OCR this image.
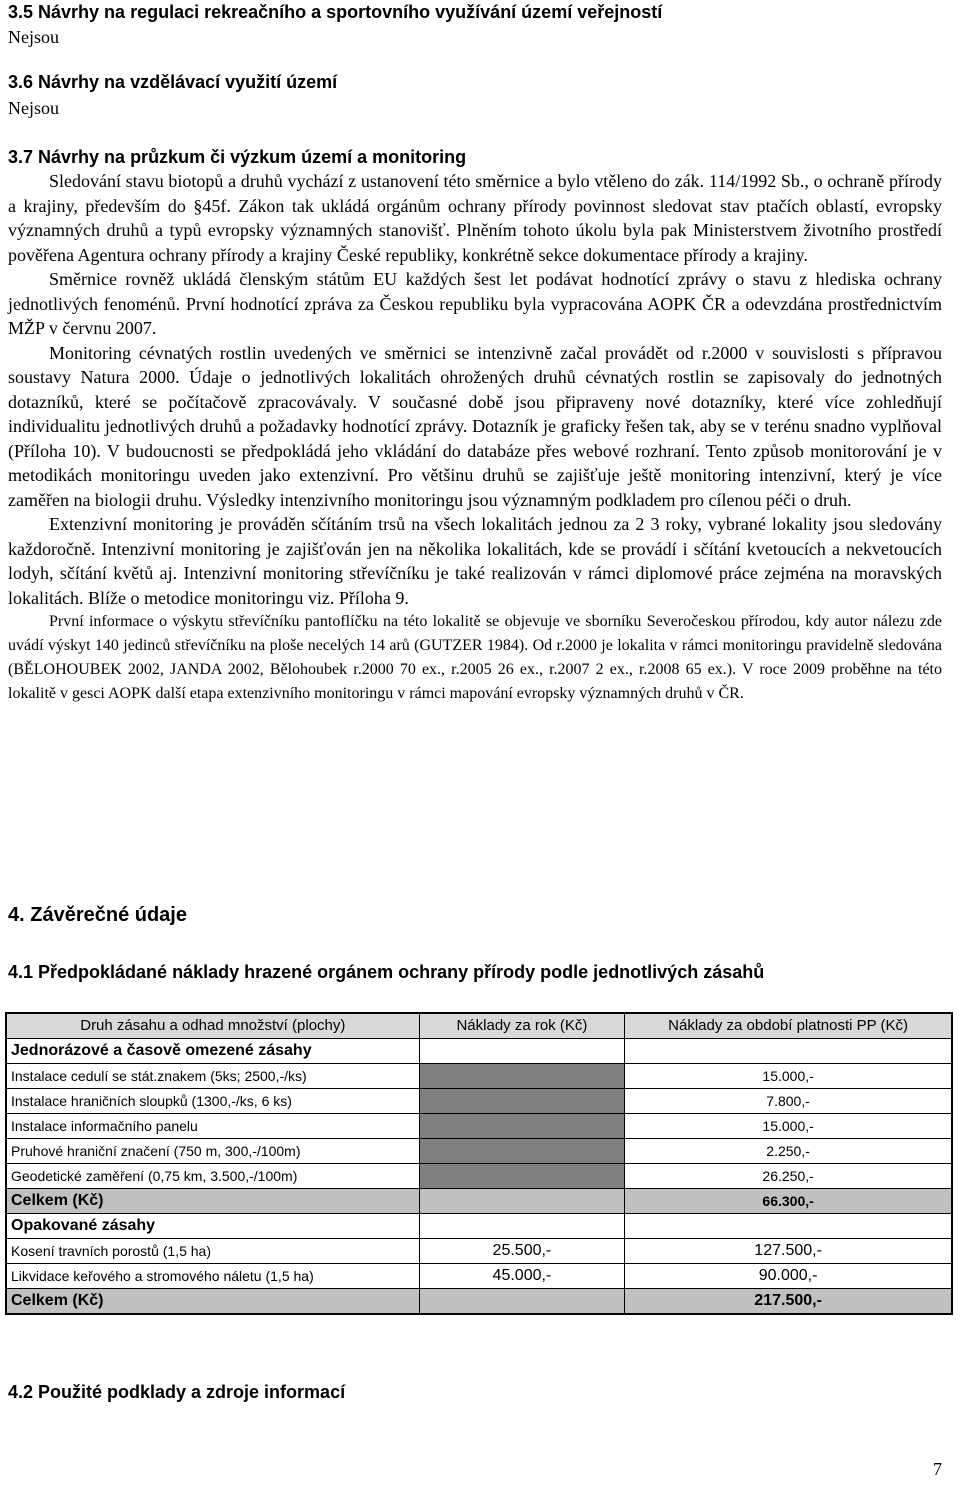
3.5 Návrhy na regulaci rekreačního a sportovního využívání území veřejností
Nejsou
3.6 Návrhy na vzdělávací využití území
Nejsou
3.7 Návrhy na průzkum či výzkum území a monitoring

Sledování stavu biotopů a druhů vychází z ustanovení této směrnice a bylo vtěleno do zák. 114/1992 Sb., o ochraně přírody a krajiny, především do §45f. Zákon tak ukládá orgánům ochrany přírody povinnost sledovat stav ptačích oblastí, evropsky významných druhů a typů evropsky významných stanovišť. Plněním tohoto úkolu byla pak Ministerstvem životního prostředí pověřena Agentura ochrany přírody a krajiny České republiky, konkrétně sekce dokumentace přírody a krajiny.

Směrnice rovněž ukládá členským státům EU každých šest let podávat hodnotící zprávy o stavu z hlediska ochrany jednotlivých fenoménů. První hodnotící zpráva za Českou republiku byla vypracována AOPK ČR a odevzdána prostřednictvím MŽP v červnu 2007.

Monitoring cévnatých rostlin uvedených ve směrnici se intenzivně začal provádět od r.2000 v souvislosti s přípravou soustavy Natura 2000. Údaje o jednotlivých lokalitách ohrožených druhů cévnatých rostlin se zapisovaly do jednotných dotazníků, které se počítačově zpracovávaly. V současné době jsou připraveny nové dotazníky, které více zohledňují individualitu jednotlivých druhů a požadavky hodnotící zprávy. Dotazník je graficky řešen tak, aby se v terénu snadno vyplňoval (Příloha 10). V budoucnosti se předpokládá jeho vkládání do databáze přes webové rozhraní. Tento způsob monitorování je v metodikách monitoringu uveden jako extenzivní. Pro většinu druhů se zajišťuje ještě monitoring intenzivní, který je více zaměřen na biologii druhu. Výsledky intenzivního monitoringu jsou významným podkladem pro cílenou péči o druh.

Extenzivní monitoring je prováděn sčítáním trsů na všech lokalitách jednou za 2 3 roky, vybrané lokality jsou sledovány každoročně. Intenzivní monitoring je zajišťován jen na několika lokalitách, kde se provádí i sčítání kvetoucích a nekvetoucích lodyh, sčítání květů aj. Intenzivní monitoring střevíčníku je také realizován v rámci diplomové práce zejména na moravských lokalitách. Blíže o metodice monitoringu viz. Příloha 9.

První informace o výskytu střevíčníku pantoflíčku na této lokalitě se objevuje ve sborníku Severočeskou přírodou, kdy autor nálezu zde uvádí výskyt 140 jedinců střevíčníku na ploše necelých 14 arů (GUTZER 1984). Od r.2000 je lokalita v rámci monitoringu pravidelně sledována (BĚLOHOUBEK 2002, JANDA 2002, Bělohoubek r.2000 70 ex., r.2005 26 ex., r.2007 2 ex., r.2008 65 ex.). V roce 2009 proběhne na této lokalitě v gesci AOPK další etapa extenzivního monitoringu v rámci mapování evropsky významných druhů v ČR.

4. Závěrečné údaje
4.1 Předpokládané náklady hrazené orgánem ochrany přírody podle jednotlivých zásahů
Druh zásahu a odhad množství (plochy)	Náklady za rok (Kč)	Náklady za období platnosti PP (Kč)
Jednorázové a časově omezené zásahy		
Instalace cedulí se stát.znakem (5ks; 2500,-/ks)		15.000,-
Instalace hraničních sloupků (1300,-/ks, 6 ks)		7.800,-
Instalace informačního panelu		15.000,-
Pruhové hraniční značení (750 m, 300,-/100m)		2.250,-
Geodetické zaměření (0,75 km, 3.500,-/100m)		26.250,-
Celkem (Kč)		66.300,-
Opakované zásahy		
Kosení travních porostů (1,5 ha)	25.500,-	127.500,-
Likvidace keřového a stromového náletu (1,5 ha)	45.000,-	90.000,-
Celkem (Kč)		217.500,-
4.2 Použité podklady a zdroje informací
7
